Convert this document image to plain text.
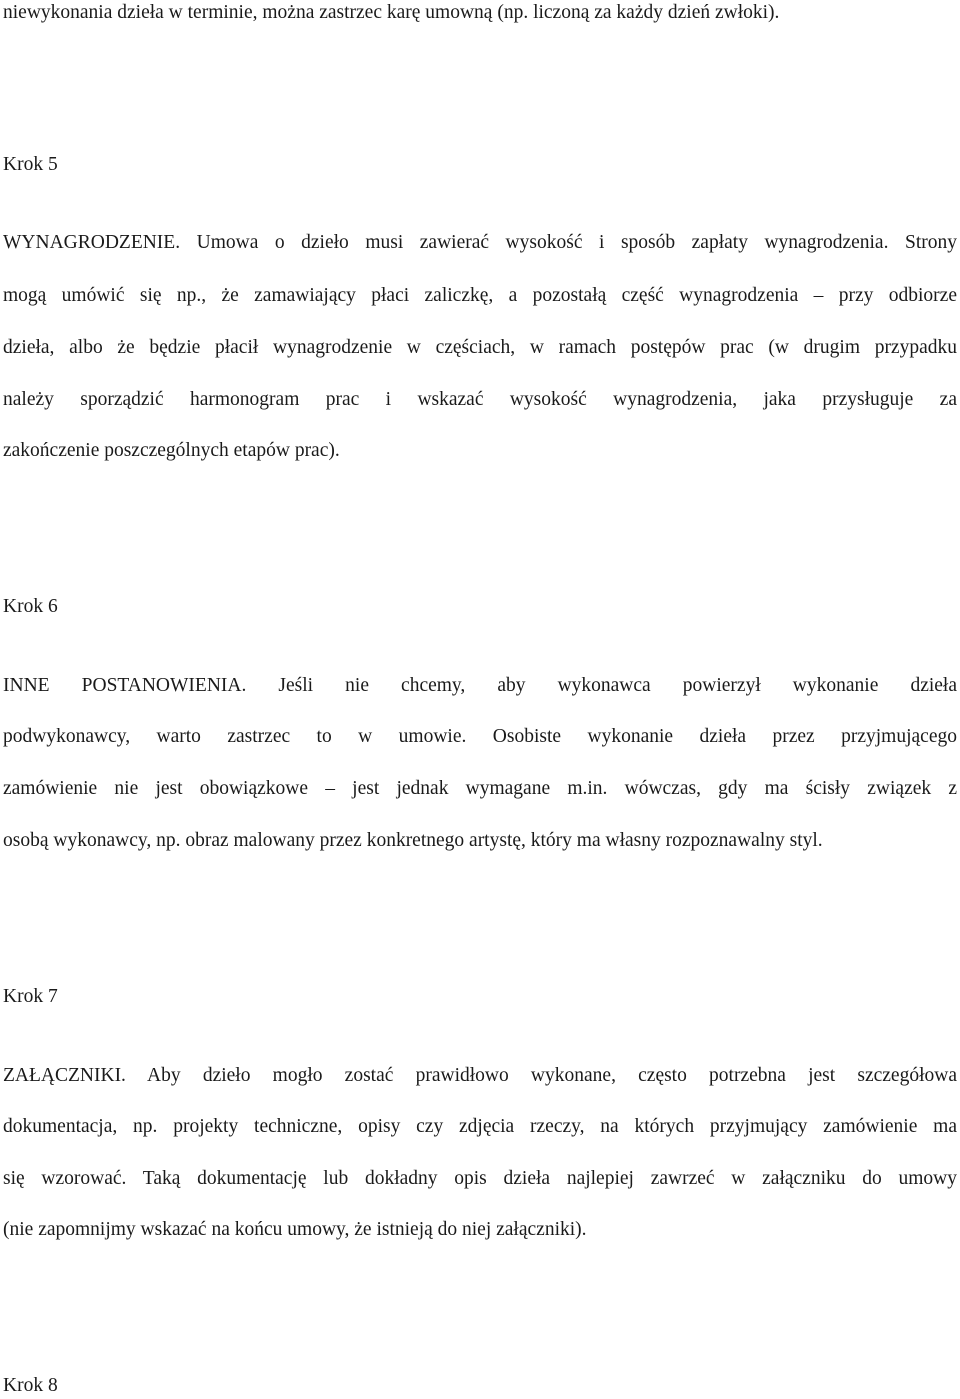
niewykonania dzieła w terminie, można zastrzec karę umowną (np. liczoną za każdy dzień zwłoki).
Krok 5
WYNAGRODZENIE. Umowa o dzieło musi zawierać wysokość i sposób zapłaty wynagrodzenia. Strony
mogą umówić się np., że zamawiający płaci zaliczkę, a pozostałą część wynagrodzenia – przy odbiorze
dzieła, albo że będzie płacił wynagrodzenie w częściach, w ramach postępów prac (w drugim przypadku
należy sporządzić harmonogram prac i wskazać wysokość wynagrodzenia, jaka przysługuje za
zakończenie poszczególnych etapów prac).
Krok 6
INNE POSTANOWIENIA. Jeśli nie chcemy, aby wykonawca powierzył wykonanie dzieła
podwykonawcy, warto zastrzec to w umowie. Osobiste wykonanie dzieła przez przyjmującego
zamówienie nie jest obowiązkowe – jest jednak wymagane m.in. wówczas, gdy ma ścisły związek z
osobą wykonawcy, np. obraz malowany przez konkretnego artystę, który ma własny rozpoznawalny styl.
Krok 7
ZAŁĄCZNIKI. Aby dzieło mogło zostać prawidłowo wykonane, często potrzebna jest szczegółowa
dokumentacja, np. projekty techniczne, opisy czy zdjęcia rzeczy, na których przyjmujący zamówienie ma
się wzorować. Taką dokumentację lub dokładny opis dzieła najlepiej zawrzeć w załączniku do umowy
(nie zapomnijmy wskazać na końcu umowy, że istnieją do niej załączniki).
Krok 8
